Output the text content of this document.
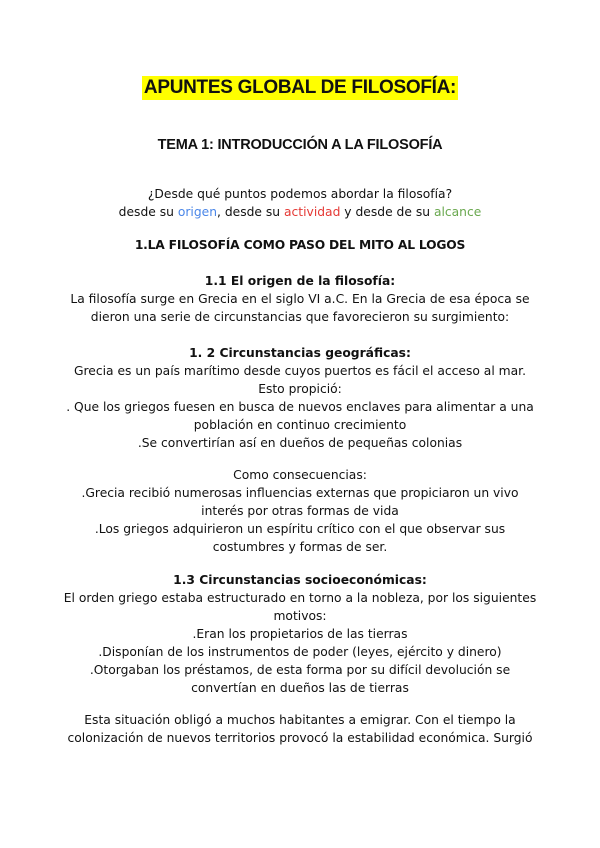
APUNTES GLOBAL DE FILOSOFÍA:
TEMA 1: INTRODUCCIÓN A LA FILOSOFÍA
¿Desde qué puntos podemos abordar la filosofía?
desde su origen, desde su actividad y desde de su alcance
1.LA FILOSOFÍA COMO PASO DEL MITO AL LOGOS
1.1 El origen de la filosofía:
La filosofía surge en Grecia en el siglo VI a.C. En la Grecia de esa época se
dieron una serie de circunstancias que favorecieron su surgimiento:
1. 2 Circunstancias geográficas:
Grecia es un país marítimo desde cuyos puertos es fácil el acceso al mar.
Esto propició:
. Que los griegos fuesen en busca de nuevos enclaves para alimentar a una
población en continuo crecimiento
.Se convertirían así en dueños de pequeñas colonias
Como consecuencias:
.Grecia recibió numerosas influencias externas que propiciaron un vivo
interés por otras formas de vida
.Los griegos adquirieron un espíritu crítico con el que observar sus
costumbres y formas de ser.
1.3 Circunstancias socioeconómicas:
El orden griego estaba estructurado en torno a la nobleza, por los siguientes
motivos:
.Eran los propietarios de las tierras
.Disponían de los instrumentos de poder (leyes, ejército y dinero)
.Otorgaban los préstamos, de esta forma por su difícil devolución se
convertían en dueños las de tierras
Esta situación obligó a muchos habitantes a emigrar. Con el tiempo la
colonización de nuevos territorios provocó la estabilidad económica. Surgió
